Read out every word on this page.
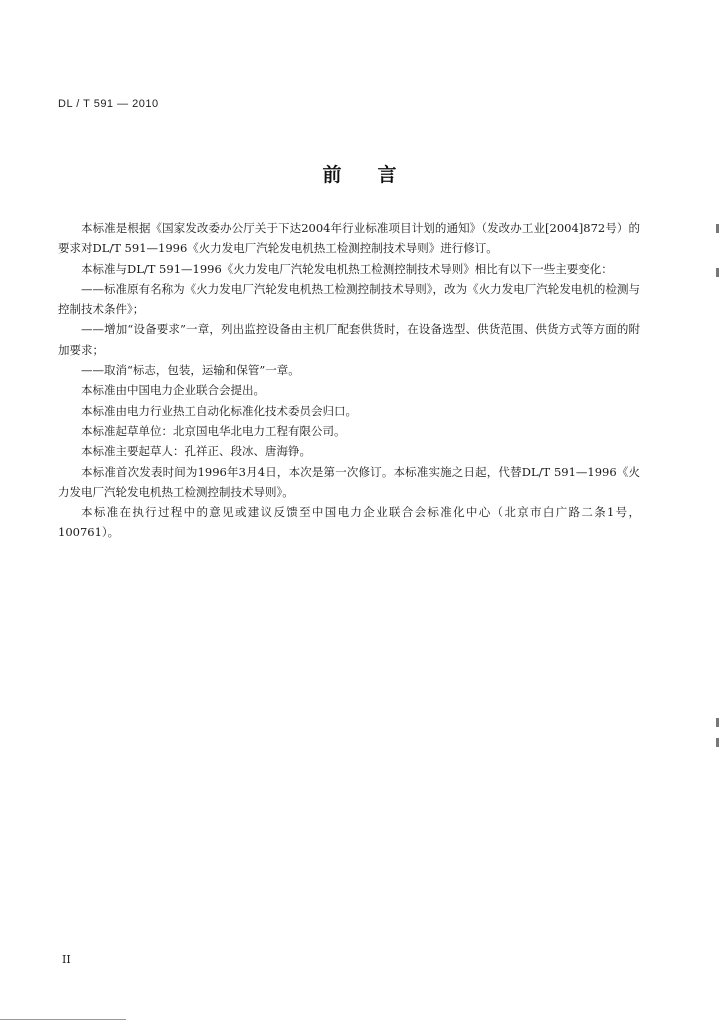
DL / T 591 — 2010
前 言

本标准是根据《国家发改委办公厅关于下达2004年行业标准项目计划的通知》（发改办工业[2004]872号）的要求对DL/T 591—1996《火力发电厂汽轮发电机热工检测控制技术导则》进行修订。

本标准与DL/T 591—1996《火力发电厂汽轮发电机热工检测控制技术导则》相比有以下一些主要变化：

——标准原有名称为《火力发电厂汽轮发电机热工检测控制技术导则》，改为《火力发电厂汽轮发电机的检测与控制技术条件》；

——增加“设备要求”一章，列出监控设备由主机厂配套供货时，在设备选型、供货范围、供货方式等方面的附加要求；

——取消“标志，包装，运输和保管”一章。

本标准由中国电力企业联合会提出。

本标准由电力行业热工自动化标准化技术委员会归口。

本标准起草单位：北京国电华北电力工程有限公司。

本标准主要起草人：孔祥正、段冰、唐海铮。

本标准首次发表时间为1996年3月4日，本次是第一次修订。本标准实施之日起，代替DL/T 591—1996《火力发电厂汽轮发电机热工检测控制技术导则》。

本标准在执行过程中的意见或建议反馈至中国电力企业联合会标准化中心（北京市白广路二条1号，100761）。

II
